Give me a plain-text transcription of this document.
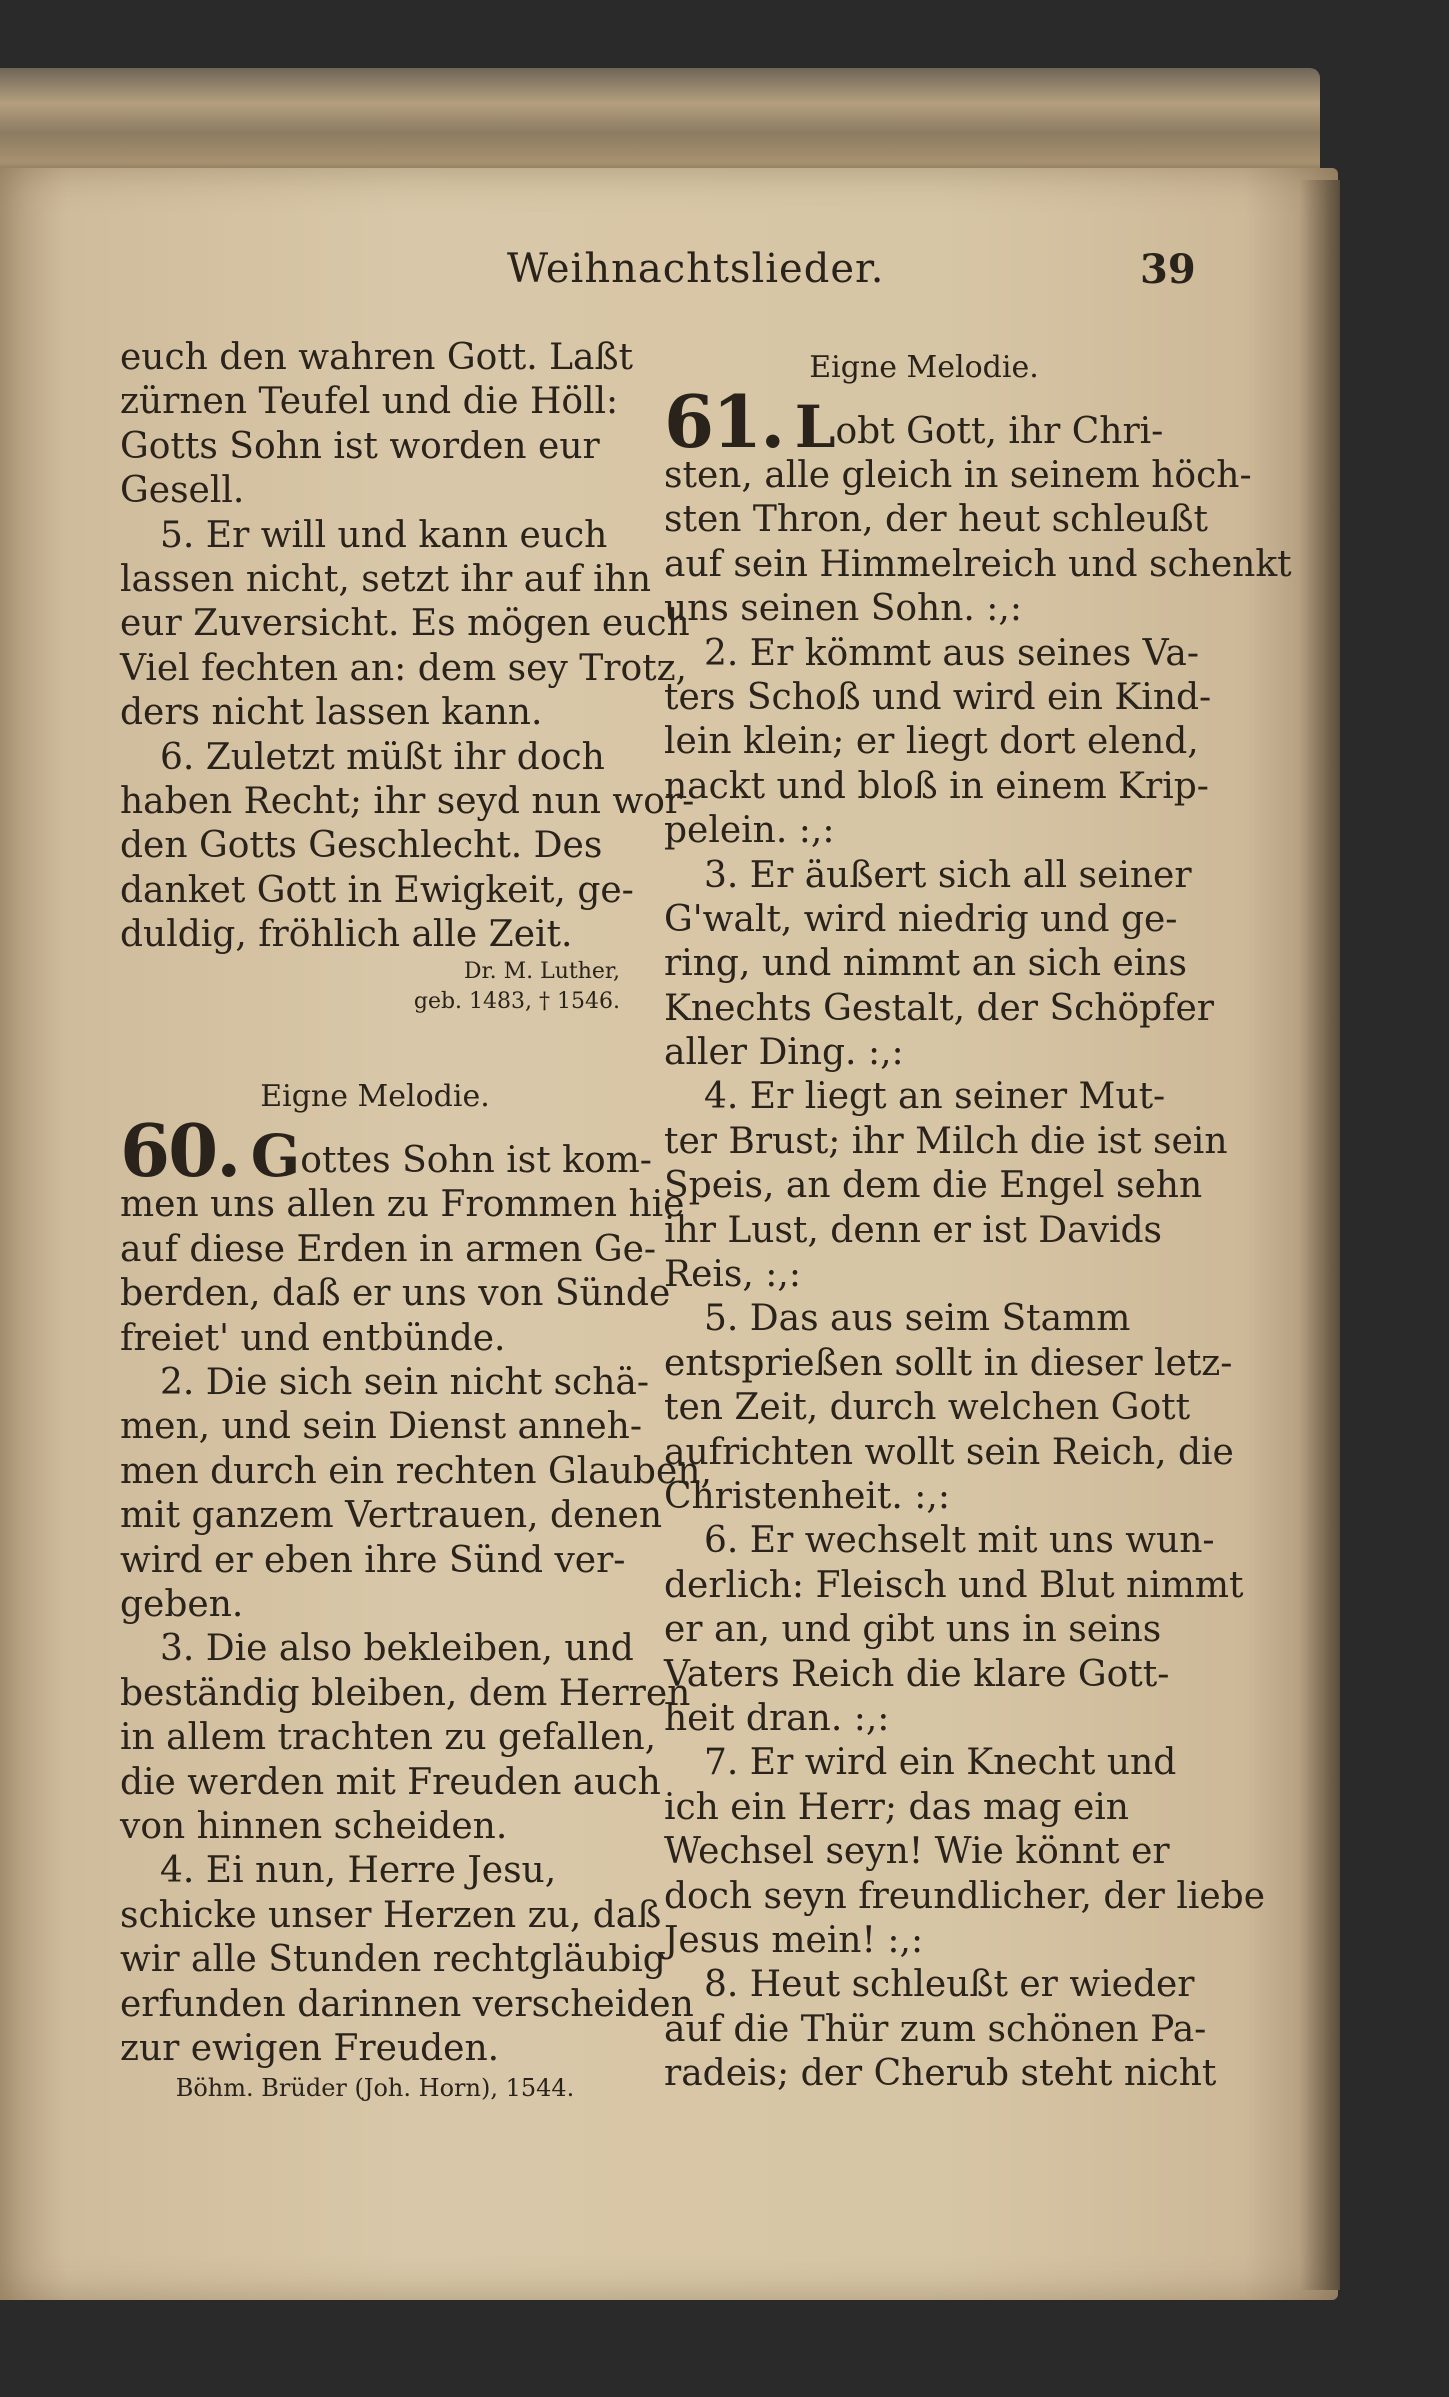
Weihnachtslieder.	39
euch den wahren Gott. Laßt
zürnen Teufel und die Höll:
Gotts Sohn ist worden eur
Gesell.
5. Er will und kann euch
lassen nicht, setzt ihr auf ihn
eur Zuversicht. Es mögen euch
Viel fechten an: dem sey Trotz,
ders nicht lassen kann.
6. Zuletzt müßt ihr doch
haben Recht; ihr seyd nun wor-
den Gotts Geschlecht. Des
danket Gott in Ewigkeit, ge-
duldig, fröhlich alle Zeit.
Dr. M. Luther,
geb. 1483, † 1546.
Eigne Melodie.
60. Gottes Sohn ist kom-
men uns allen zu Frommen hie
auf diese Erden in armen Ge-
berden, daß er uns von Sünde
freiet' und entbünde.
2. Die sich sein nicht schä-
men, und sein Dienst anneh-
men durch ein rechten Glauben,
mit ganzem Vertrauen, denen
wird er eben ihre Sünd ver-
geben.
3. Die also bekleiben, und
beständig bleiben, dem Herren
in allem trachten zu gefallen,
die werden mit Freuden auch
von hinnen scheiden.
4. Ei nun, Herre Jesu,
schicke unser Herzen zu, daß
wir alle Stunden rechtgläubig
erfunden darinnen verscheiden
zur ewigen Freuden.
Böhm. Brüder (Joh. Horn), 1544.
Eigne Melodie.
61. Lobt Gott, ihr Chri-
sten, alle gleich in seinem höch-
sten Thron, der heut schleußt
auf sein Himmelreich und schenkt
uns seinen Sohn. :,:
2. Er kömmt aus seines Va-
ters Schoß und wird ein Kind-
lein klein; er liegt dort elend,
nackt und bloß in einem Krip-
pelein. :,:
3. Er äußert sich all seiner
G'walt, wird niedrig und ge-
ring, und nimmt an sich eins
Knechts Gestalt, der Schöpfer
aller Ding. :,:
4. Er liegt an seiner Mut-
ter Brust; ihr Milch die ist sein
Speis, an dem die Engel sehn
ihr Lust, denn er ist Davids
Reis, :,:
5. Das aus seim Stamm
entsprießen sollt in dieser letz-
ten Zeit, durch welchen Gott
aufrichten wollt sein Reich, die
Christenheit. :,:
6. Er wechselt mit uns wun-
derlich: Fleisch und Blut nimmt
er an, und gibt uns in seins
Vaters Reich die klare Gott-
heit dran. :,:
7. Er wird ein Knecht und
ich ein Herr; das mag ein
Wechsel seyn! Wie könnt er
doch seyn freundlicher, der liebe
Jesus mein! :,:
8. Heut schleußt er wieder
auf die Thür zum schönen Pa-
radeis; der Cherub steht nicht
